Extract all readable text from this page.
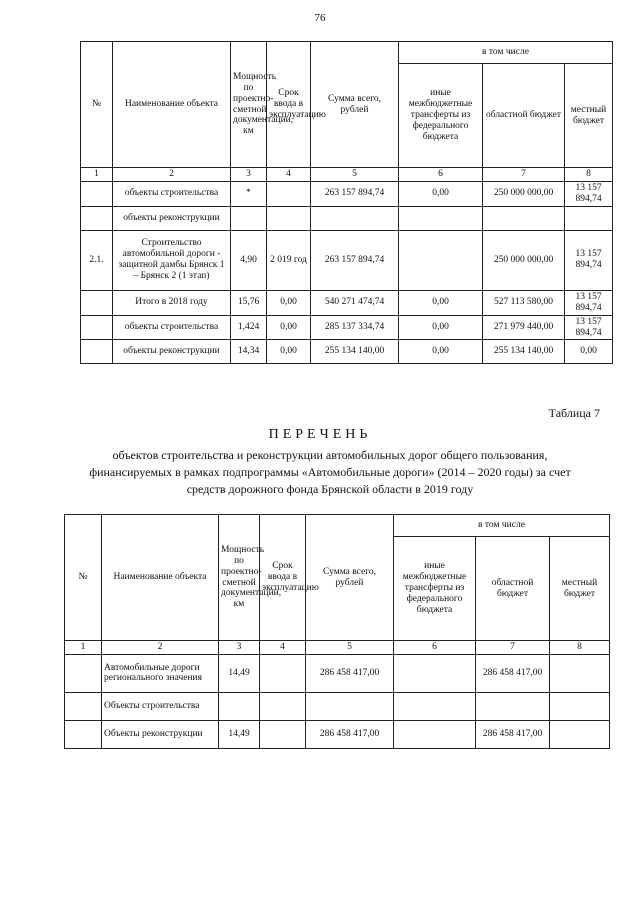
76
№	Наименование объекта	Мощность по проектно-сметной документации, км	Срок ввода в эксплуатацию	Сумма всего, рублей	в том числе		
					иные межбюджетные трансферты из федерального бюджета	областной бюджет	местный бюджет
1	2	3	4	5	6	7	8
	объекты строительства	*		263 157 894,74	0,00	250 000 000,00	13 157 894,74
	объекты реконструкции						
2.1.	Строительство автомобильной дороги - защитной дамбы Брянск 1 – Брянск 2 (1 этап)	4,90	2 019 год	263 157 894,74		250 000 000,00	13 157 894,74
	Итого в 2018 году	15,76	0,00	540 271 474,74	0,00	527 113 580,00	13 157 894,74
	объекты строительства	1,424	0,00	285 137 334,74	0,00	271 979 440,00	13 157 894,74
	объекты реконструкции	14,34	0,00	255 134 140,00	0,00	255 134 140,00	0,00
Таблица 7
ПЕРЕЧЕНЬ
объектов строительства и реконструкции автомобильных дорог общего пользования, финансируемых в рамках подпрограммы «Автомобильные дороги» (2014 – 2020 годы) за счет средств дорожного фонда Брянской области в 2019 году
№	Наименование объекта	Мощность по проектно-сметной документации, км	Срок ввода в эксплуатацию	Сумма всего, рублей	в том числе		
					иные межбюджетные трансферты из федерального бюджета	областной бюджет	местный бюджет
1	2	3	4	5	6	7	8
	Автомобильные дороги регионального значения	14,49		286 458 417,00		286 458 417,00	
	Объекты строительства						
	Объекты реконструкции	14,49		286 458 417,00		286 458 417,00	
